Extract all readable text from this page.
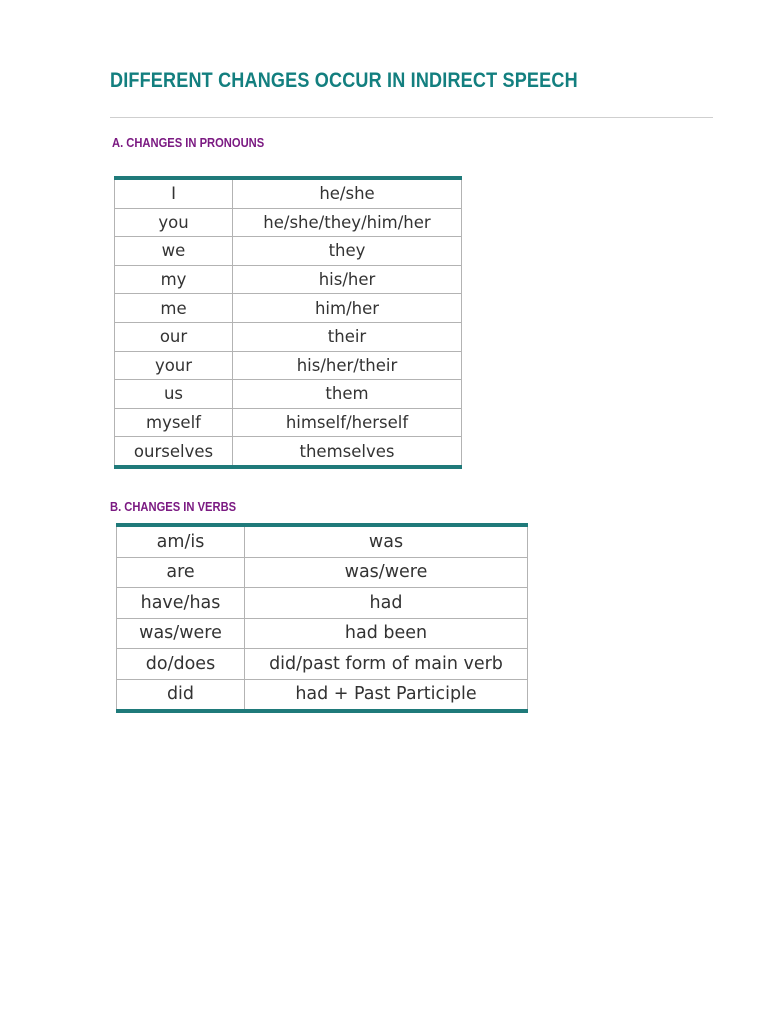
DIFFERENT CHANGES OCCUR IN INDIRECT SPEECH
A. CHANGES IN PRONOUNS
I	he/she
you	he/she/they/him/her
we	they
my	his/her
me	him/her
our	their
your	his/her/their
us	them
myself	himself/herself
ourselves	themselves
B. CHANGES IN VERBS
am/is	was
are	was/were
have/has	had
was/were	had been
do/does	did/past form of main verb
did	had + Past Participle
